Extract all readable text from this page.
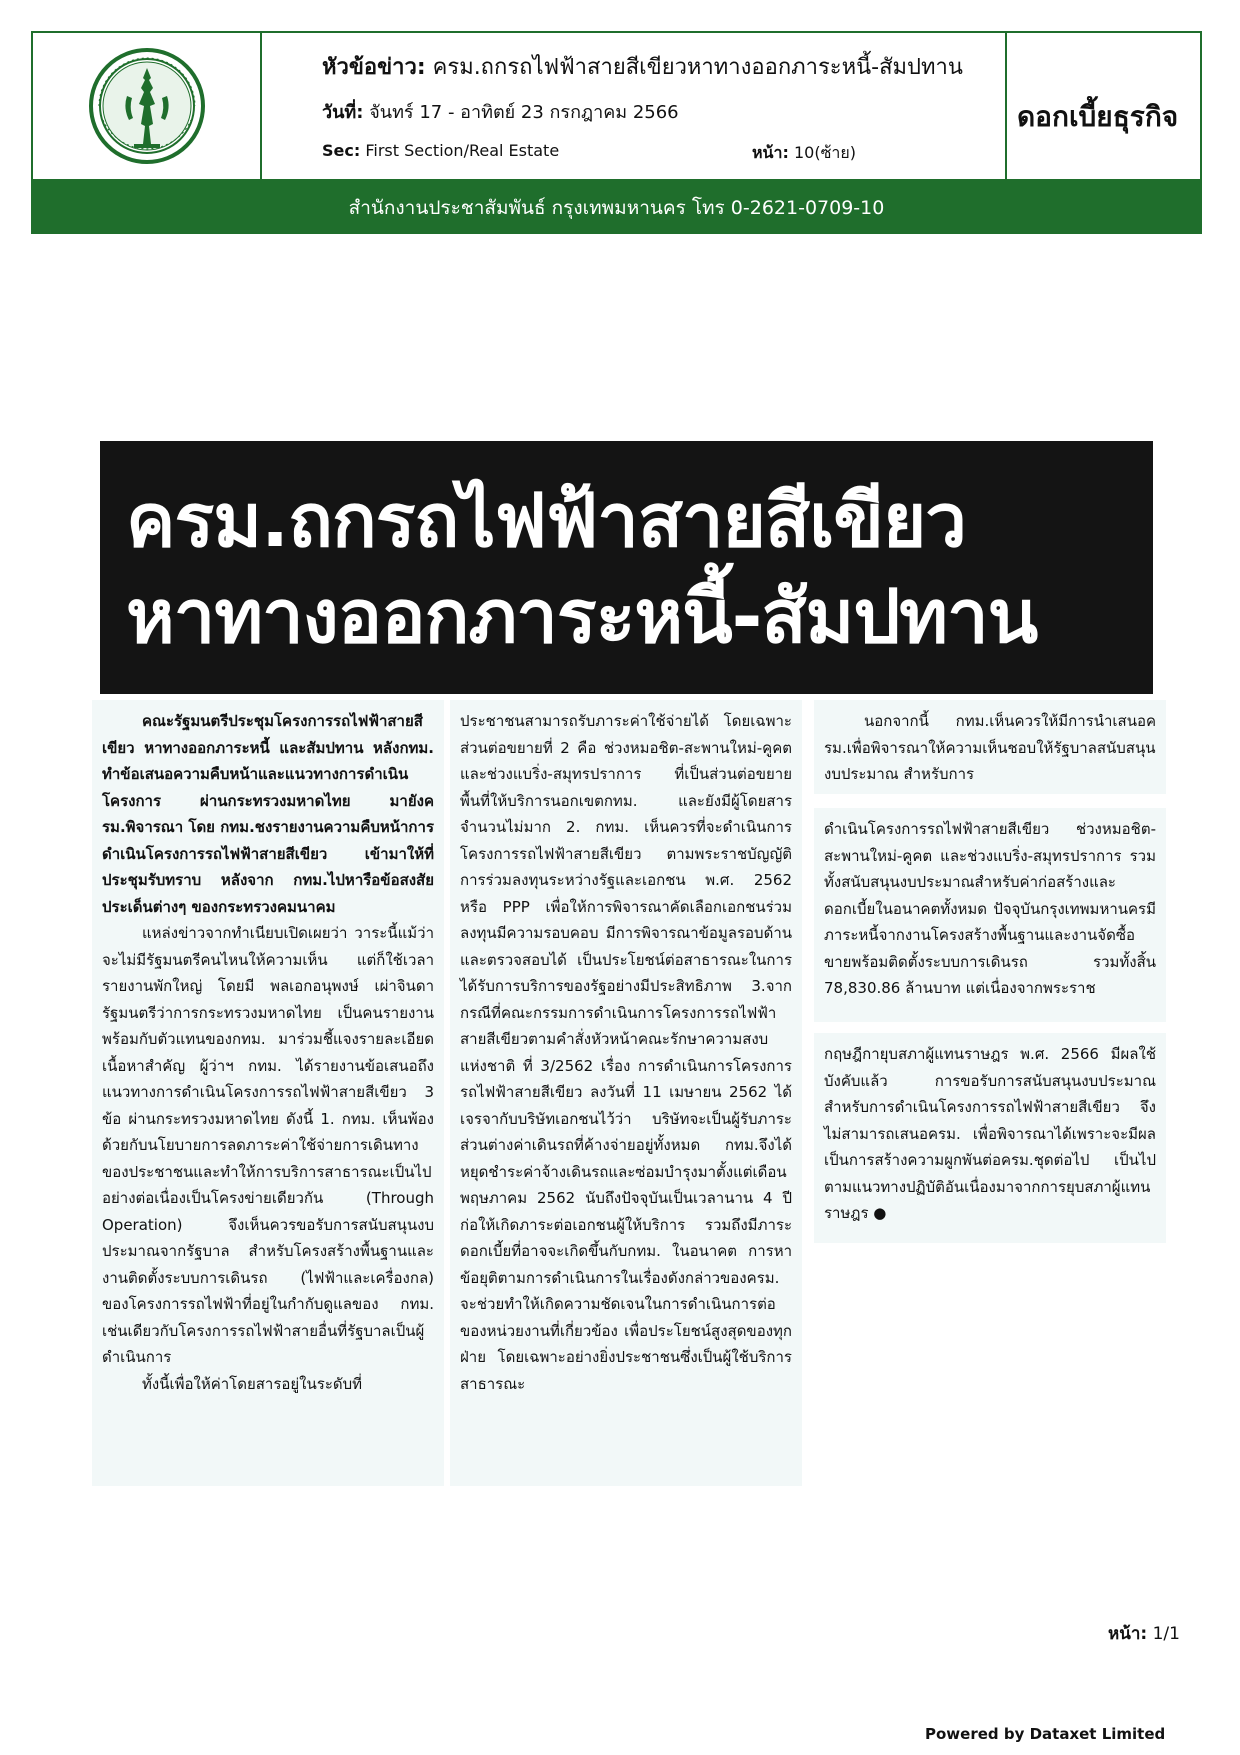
หัวข้อข่าว: ครม.ถกรถไฟฟ้าสายสีเขียวหาทางออกภาระหนี้-สัมปทาน
วันที่: จันทร์ 17 - อาทิตย์ 23 กรกฎาคม 2566
Sec: First Section/Real Estate	หน้า: 10(ซ้าย)
ดอกเบี้ยธุรกิจ
สำนักงานประชาสัมพันธ์ กรุงเทพมหานคร โทร 0-2621-0709-10
ครม.ถกรถไฟฟ้าสายสีเขียว
หาทางออกภาระหนี้-สัมปทาน

คณะรัฐมนตรีประชุมโครงการรถไฟฟ้าสายสีเขียว หาทางออกภาระหนี้ และสัมปทาน หลังกทม. ทำข้อเสนอความคืบหน้าและแนวทางการดำเนินโครงการ ผ่านกระทรวงมหาดไทย มายังครม.พิจารณา โดย กทม.ชงรายงานความคืบหน้าการดำเนินโครงการรถไฟฟ้าสายสีเขียว เข้ามาให้ที่ประชุมรับทราบ หลังจาก กทม.ไปหารือข้อสงสัยประเด็นต่างๆ ของกระทรวงคมนาคม

แหล่งข่าวจากทำเนียบเปิดเผยว่า วาระนี้แม้ว่าจะไม่มีรัฐมนตรีคนไหนให้ความเห็น แต่ก็ใช้เวลารายงานพักใหญ่ โดยมี พลเอกอนุพงษ์ เผ่าจินดา รัฐมนตรีว่าการกระทรวงมหาดไทย เป็นคนรายงาน พร้อมกับตัวแทนของกทม. มาร่วมชี้แจงรายละเอียด เนื้อหาสำคัญ ผู้ว่าฯ กทม. ได้รายงานข้อเสนอถึงแนวทางการดำเนินโครงการรถไฟฟ้าสายสีเขียว 3 ข้อ ผ่านกระทรวงมหาดไทย ดังนี้ 1. กทม. เห็นพ้องด้วยกับนโยบายการลดภาระค่าใช้จ่ายการเดินทางของประชาชนและทำให้การบริการสาธารณะเป็นไปอย่างต่อเนื่องเป็นโครงข่ายเดียวกัน (Through Operation) จึงเห็นควรขอรับการสนับสนุนงบประมาณจากรัฐบาล สำหรับโครงสร้างพื้นฐานและงานติดตั้งระบบการเดินรถ (ไฟฟ้าและเครื่องกล) ของโครงการรถไฟฟ้าที่อยู่ในกำกับดูแลของ กทม. เช่นเดียวกับโครงการรถไฟฟ้าสายอื่นที่รัฐบาลเป็นผู้ดำเนินการ

ทั้งนี้เพื่อให้ค่าโดยสารอยู่ในระดับที่

ประชาชนสามารถรับภาระค่าใช้จ่ายได้ โดยเฉพาะส่วนต่อขยายที่ 2 คือ ช่วงหมอชิต-สะพานใหม่-คูคต และช่วงแบริ่ง-สมุทรปราการ ที่เป็นส่วนต่อขยายพื้นที่ให้บริการนอกเขตกทม. และยังมีผู้โดยสารจำนวนไม่มาก 2. กทม. เห็นควรที่จะดำเนินการโครงการรถไฟฟ้าสายสีเขียว ตามพระราชบัญญัติการร่วมลงทุนระหว่างรัฐและเอกชน พ.ศ. 2562 หรือ PPP เพื่อให้การพิจารณาคัดเลือกเอกชนร่วมลงทุนมีความรอบคอบ มีการพิจารณาข้อมูลรอบด้านและตรวจสอบได้ เป็นประโยชน์ต่อสาธารณะในการได้รับการบริการของรัฐอย่างมีประสิทธิภาพ 3.จากกรณีที่คณะกรรมการดำเนินการโครงการรถไฟฟ้าสายสีเขียวตามคำสั่งหัวหน้าคณะรักษาความสงบแห่งชาติ ที่ 3/2562 เรื่อง การดำเนินการโครงการรถไฟฟ้าสายสีเขียว ลงวันที่ 11 เมษายน 2562 ได้เจรจากับบริษัทเอกชนไว้ว่า บริษัทจะเป็นผู้รับภาระส่วนต่างค่าเดินรถที่ค้างจ่ายอยู่ทั้งหมด กทม.จึงได้หยุดชำระค่าจ้างเดินรถและซ่อมบำรุงมาตั้งแต่เดือนพฤษภาคม 2562 นับถึงปัจจุบันเป็นเวลานาน 4 ปี ก่อให้เกิดภาระต่อเอกชนผู้ให้บริการ รวมถึงมีภาระดอกเบี้ยที่อาจจะเกิดขึ้นกับกทม. ในอนาคต การหาข้อยุติตามการดำเนินการในเรื่องดังกล่าวของครม. จะช่วยทำให้เกิดความชัดเจนในการดำเนินการต่อของหน่วยงานที่เกี่ยวข้อง เพื่อประโยชน์สูงสุดของทุกฝ่าย โดยเฉพาะอย่างยิ่งประชาชนซึ่งเป็นผู้ใช้บริการสาธารณะ

นอกจากนี้ กทม.เห็นควรให้มีการนำเสนอครม.เพื่อพิจารณาให้ความเห็นชอบให้รัฐบาลสนับสนุนงบประมาณ สำหรับการ

ดำเนินโครงการรถไฟฟ้าสายสีเขียว ช่วงหมอชิต-สะพานใหม่-คูคต และช่วงแบริ่ง-สมุทรปราการ รวมทั้งสนับสนุนงบประมาณสำหรับค่าก่อสร้างและดอกเบี้ยในอนาคตทั้งหมด ปัจจุบันกรุงเทพมหานครมีภาระหนี้จากงานโครงสร้างพื้นฐานและงานจัดซื้อขายพร้อมติดตั้งระบบการเดินรถ รวมทั้งสิ้น 78,830.86 ล้านบาท แต่เนื่องจากพระราช

กฤษฎีกายุบสภาผู้แทนราษฎร พ.ศ. 2566 มีผลใช้บังคับแล้ว การขอรับการสนับสนุนงบประมาณสำหรับการดำเนินโครงการรถไฟฟ้าสายสีเขียว จึงไม่สามารถเสนอครม. เพื่อพิจารณาได้เพราะจะมีผลเป็นการสร้างความผูกพันต่อครม.ชุดต่อไป เป็นไปตามแนวทางปฏิบัติอันเนื่องมาจากการยุบสภาผู้แทนราษฎร ●

หน้า: 1/1
Powered by Dataxet Limited
